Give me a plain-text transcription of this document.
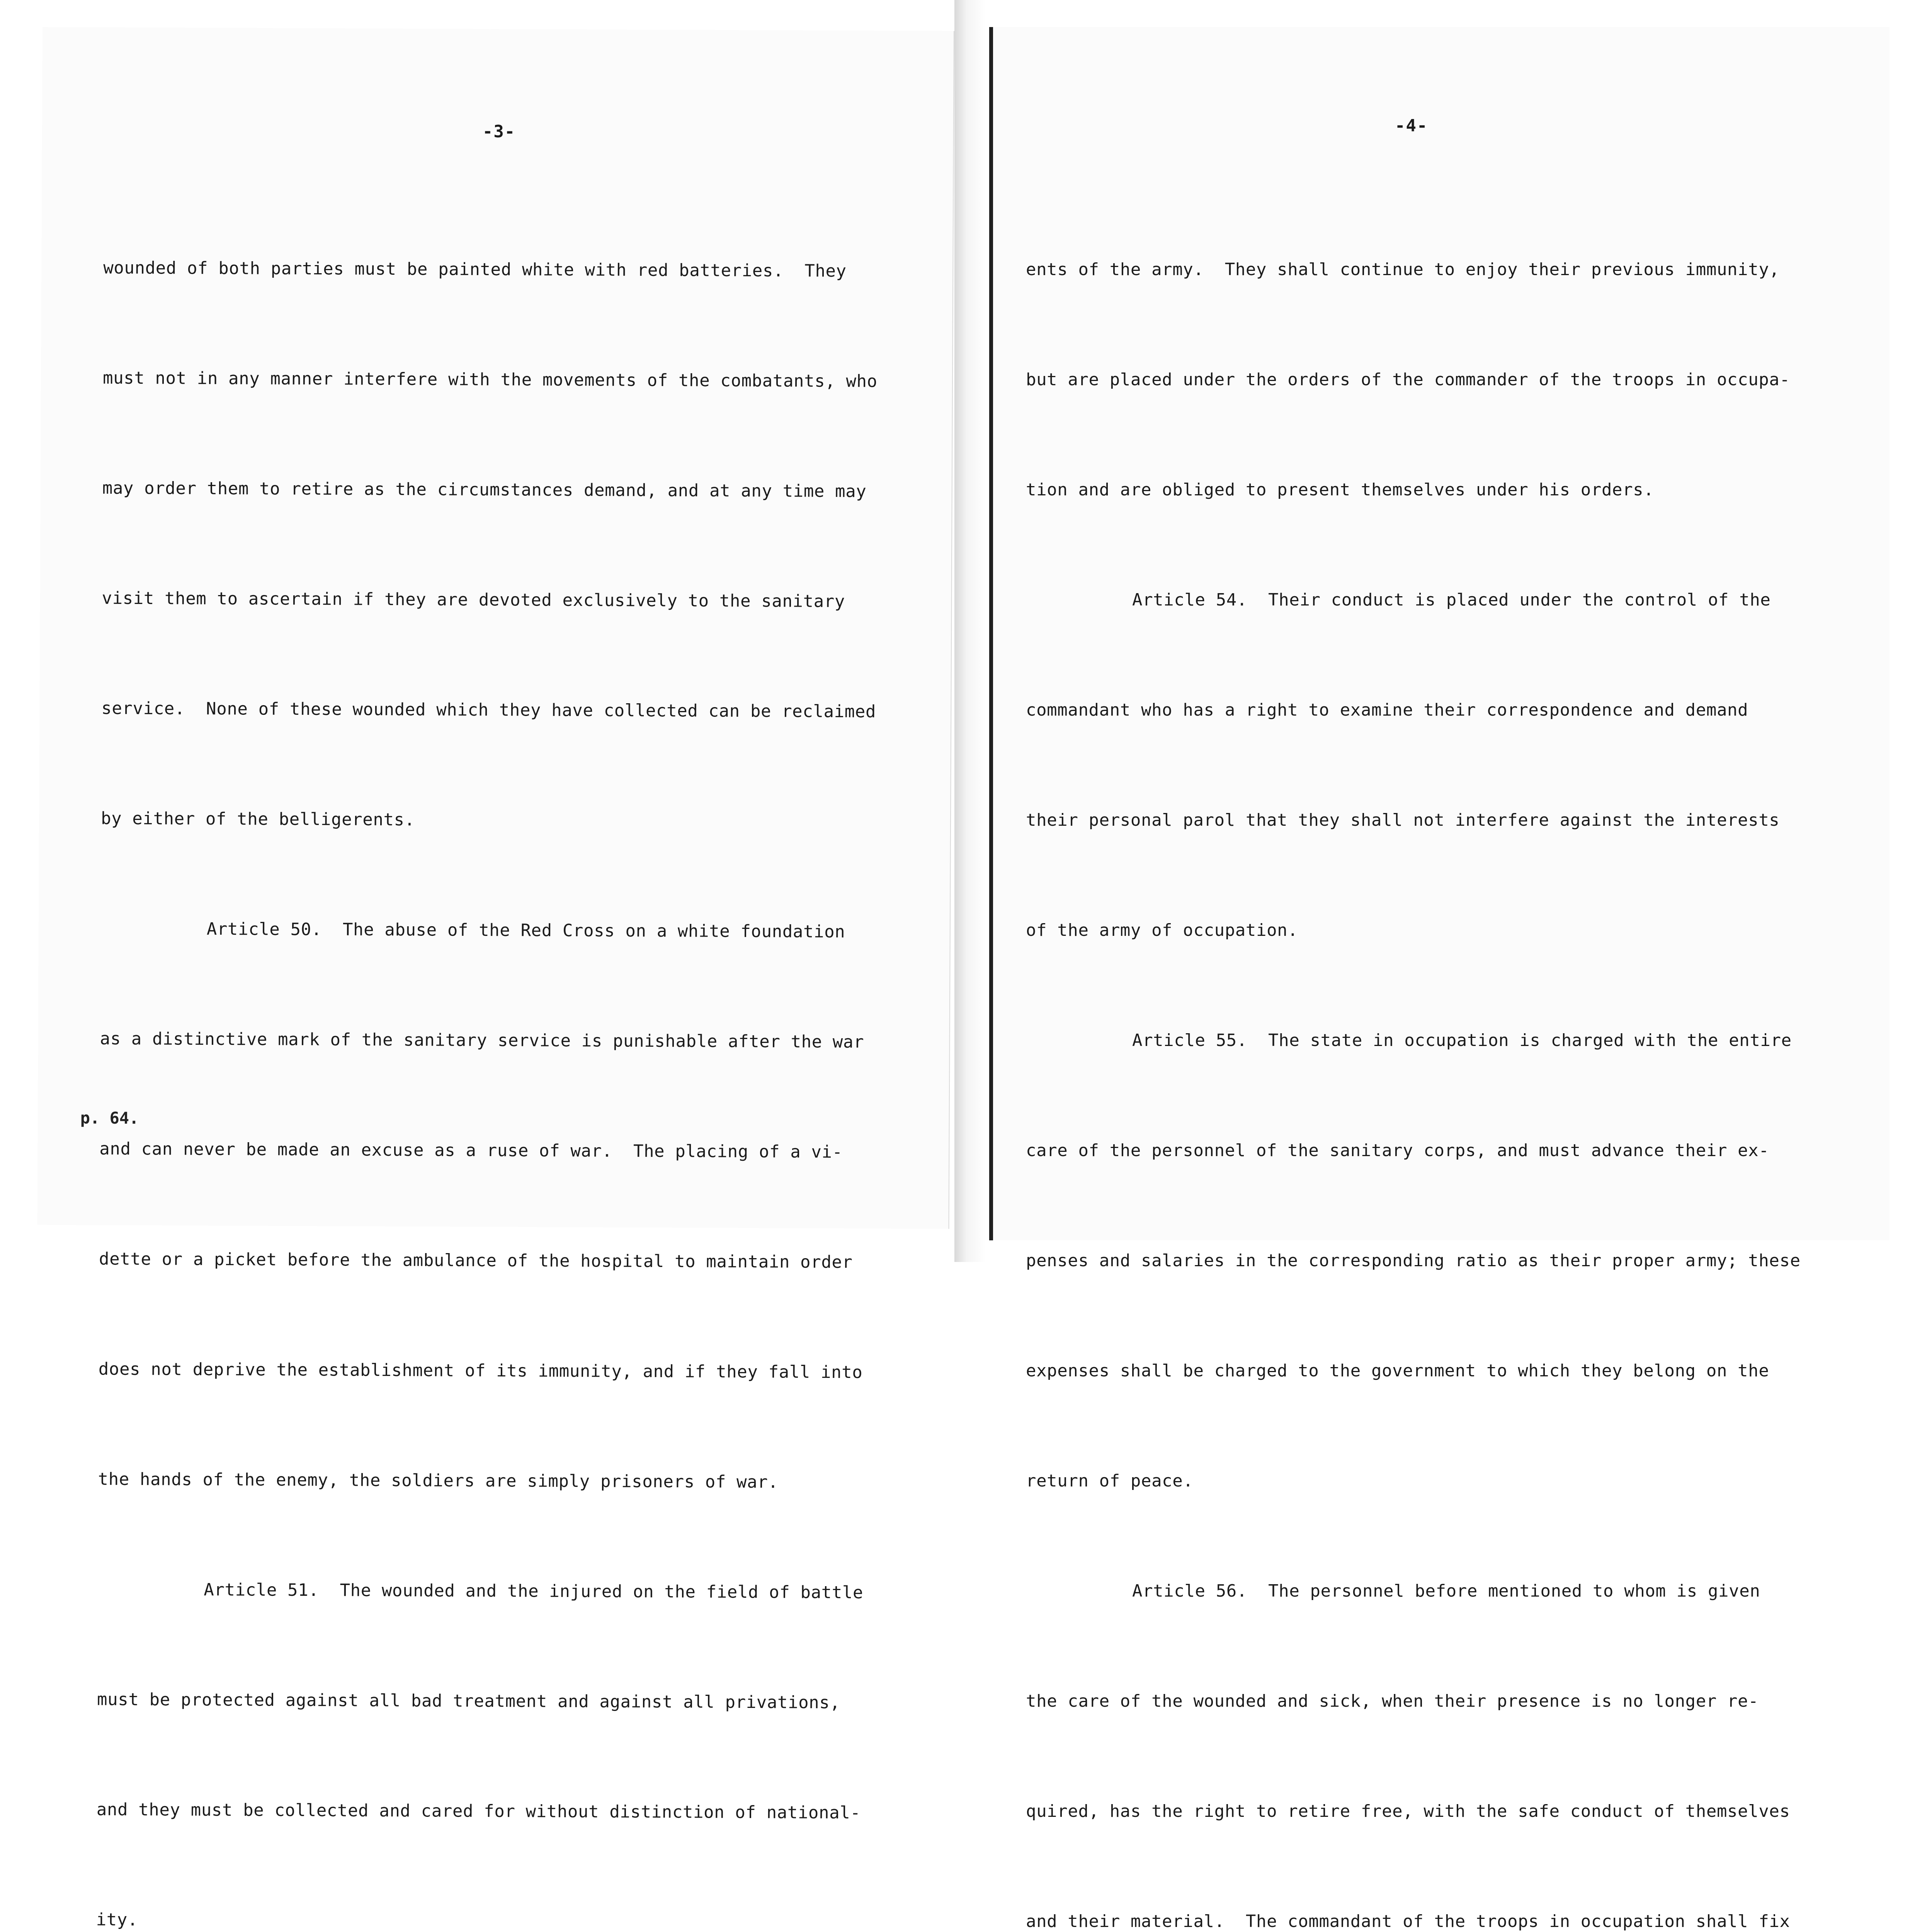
-3-

wounded of both parties must be painted white with red batteries.  They

must not in any manner interfere with the movements of the combatants, who

may order them to retire as the circumstances demand, and at any time may

visit them to ascertain if they are devoted exclusively to the sanitary

service.  None of these wounded which they have collected can be reclaimed

by either of the belligerents.

Article 50.  The abuse of the Red Cross on a white foundation

as a distinctive mark of the sanitary service is punishable after the war

and can never be made an excuse as a ruse of war.  The placing of a vi-

dette or a picket before the ambulance of the hospital to maintain order

does not deprive the establishment of its immunity, and if they fall into

the hands of the enemy, the soldiers are simply prisoners of war.

Article 51.  The wounded and the injured on the field of battle

must be protected against all bad treatment and against all privations,

and they must be collected and cared for without distinction of national-

ity.

p. 64.
-4-

ents of the army.  They shall continue to enjoy their previous immunity,

but are placed under the orders of the commander of the troops in occupa-

tion and are obliged to present themselves under his orders.

Article 54.  Their conduct is placed under the control of the

commandant who has a right to examine their correspondence and demand

their personal parol that they shall not interfere against the interests

of the army of occupation.

Article 55.  The state in occupation is charged with the entire

care of the personnel of the sanitary corps, and must advance their ex-

penses and salaries in the corresponding ratio as their proper army; these

expenses shall be charged to the government to which they belong on the

return of peace.

Article 56.  The personnel before mentioned to whom is given

the care of the wounded and sick, when their presence is no longer re-

quired, has the right to retire free, with the safe conduct of themselves

and their material.  The commandant of the troops in occupation shall fix
